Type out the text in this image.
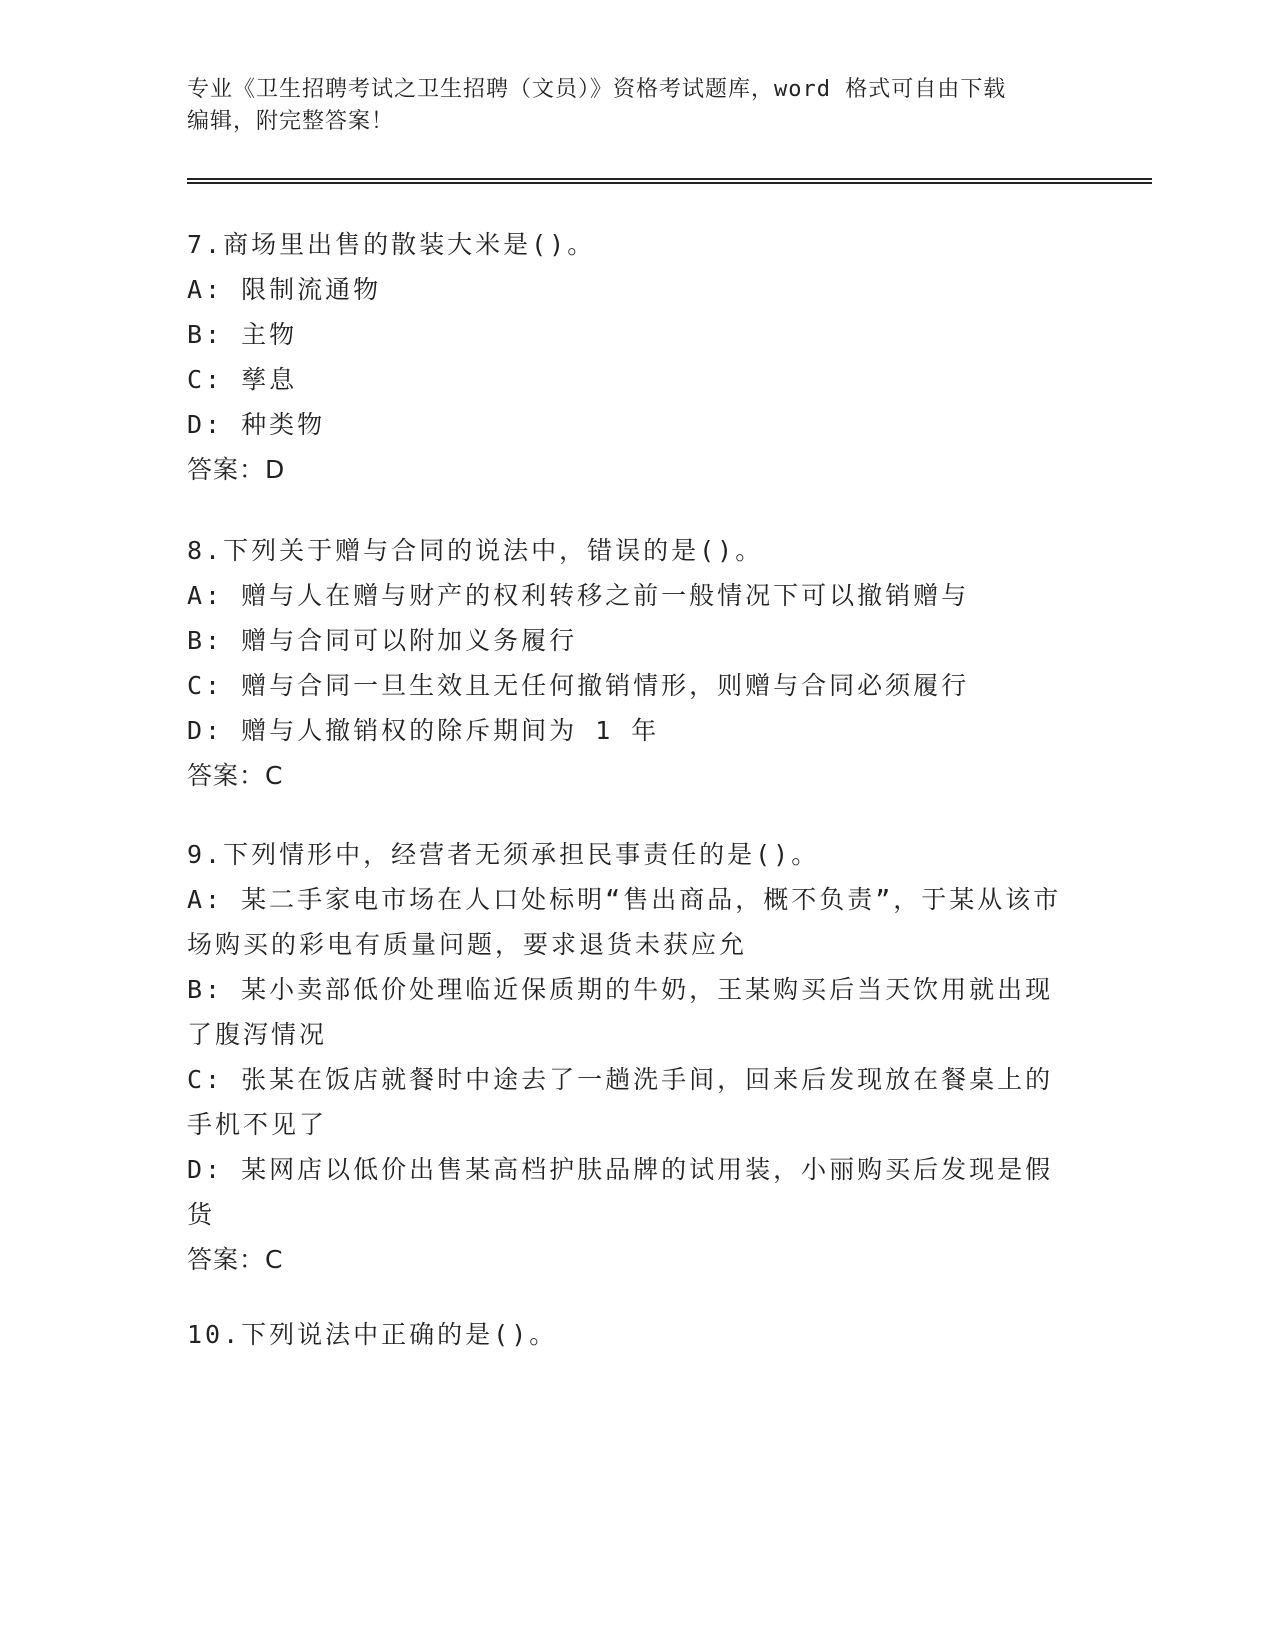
专业《卫生招聘考试之卫生招聘（文员）》资格考试题库，word 格式可自由下载
编辑，附完整答案！
7.商场里出售的散装大米是()。
A: 限制流通物
B: 主物
C: 孳息
D: 种类物
答案：D
8.下列关于赠与合同的说法中，错误的是()。
A: 赠与人在赠与财产的权利转移之前一般情况下可以撤销赠与
B: 赠与合同可以附加义务履行
C: 赠与合同一旦生效且无任何撤销情形，则赠与合同必须履行
D: 赠与人撤销权的除斥期间为 1 年
答案：C
9.下列情形中，经营者无须承担民事责任的是()。
A: 某二手家电市场在人口处标明“售出商品，概不负责”，于某从该市场购买的彩电有质量问题，要求退货未获应允
B: 某小卖部低价处理临近保质期的牛奶，王某购买后当天饮用就出现了腹泻情况
C: 张某在饭店就餐时中途去了一趟洗手间，回来后发现放在餐桌上的手机不见了
D: 某网店以低价出售某高档护肤品牌的试用装，小丽购买后发现是假货
答案：C
10.下列说法中正确的是()。
